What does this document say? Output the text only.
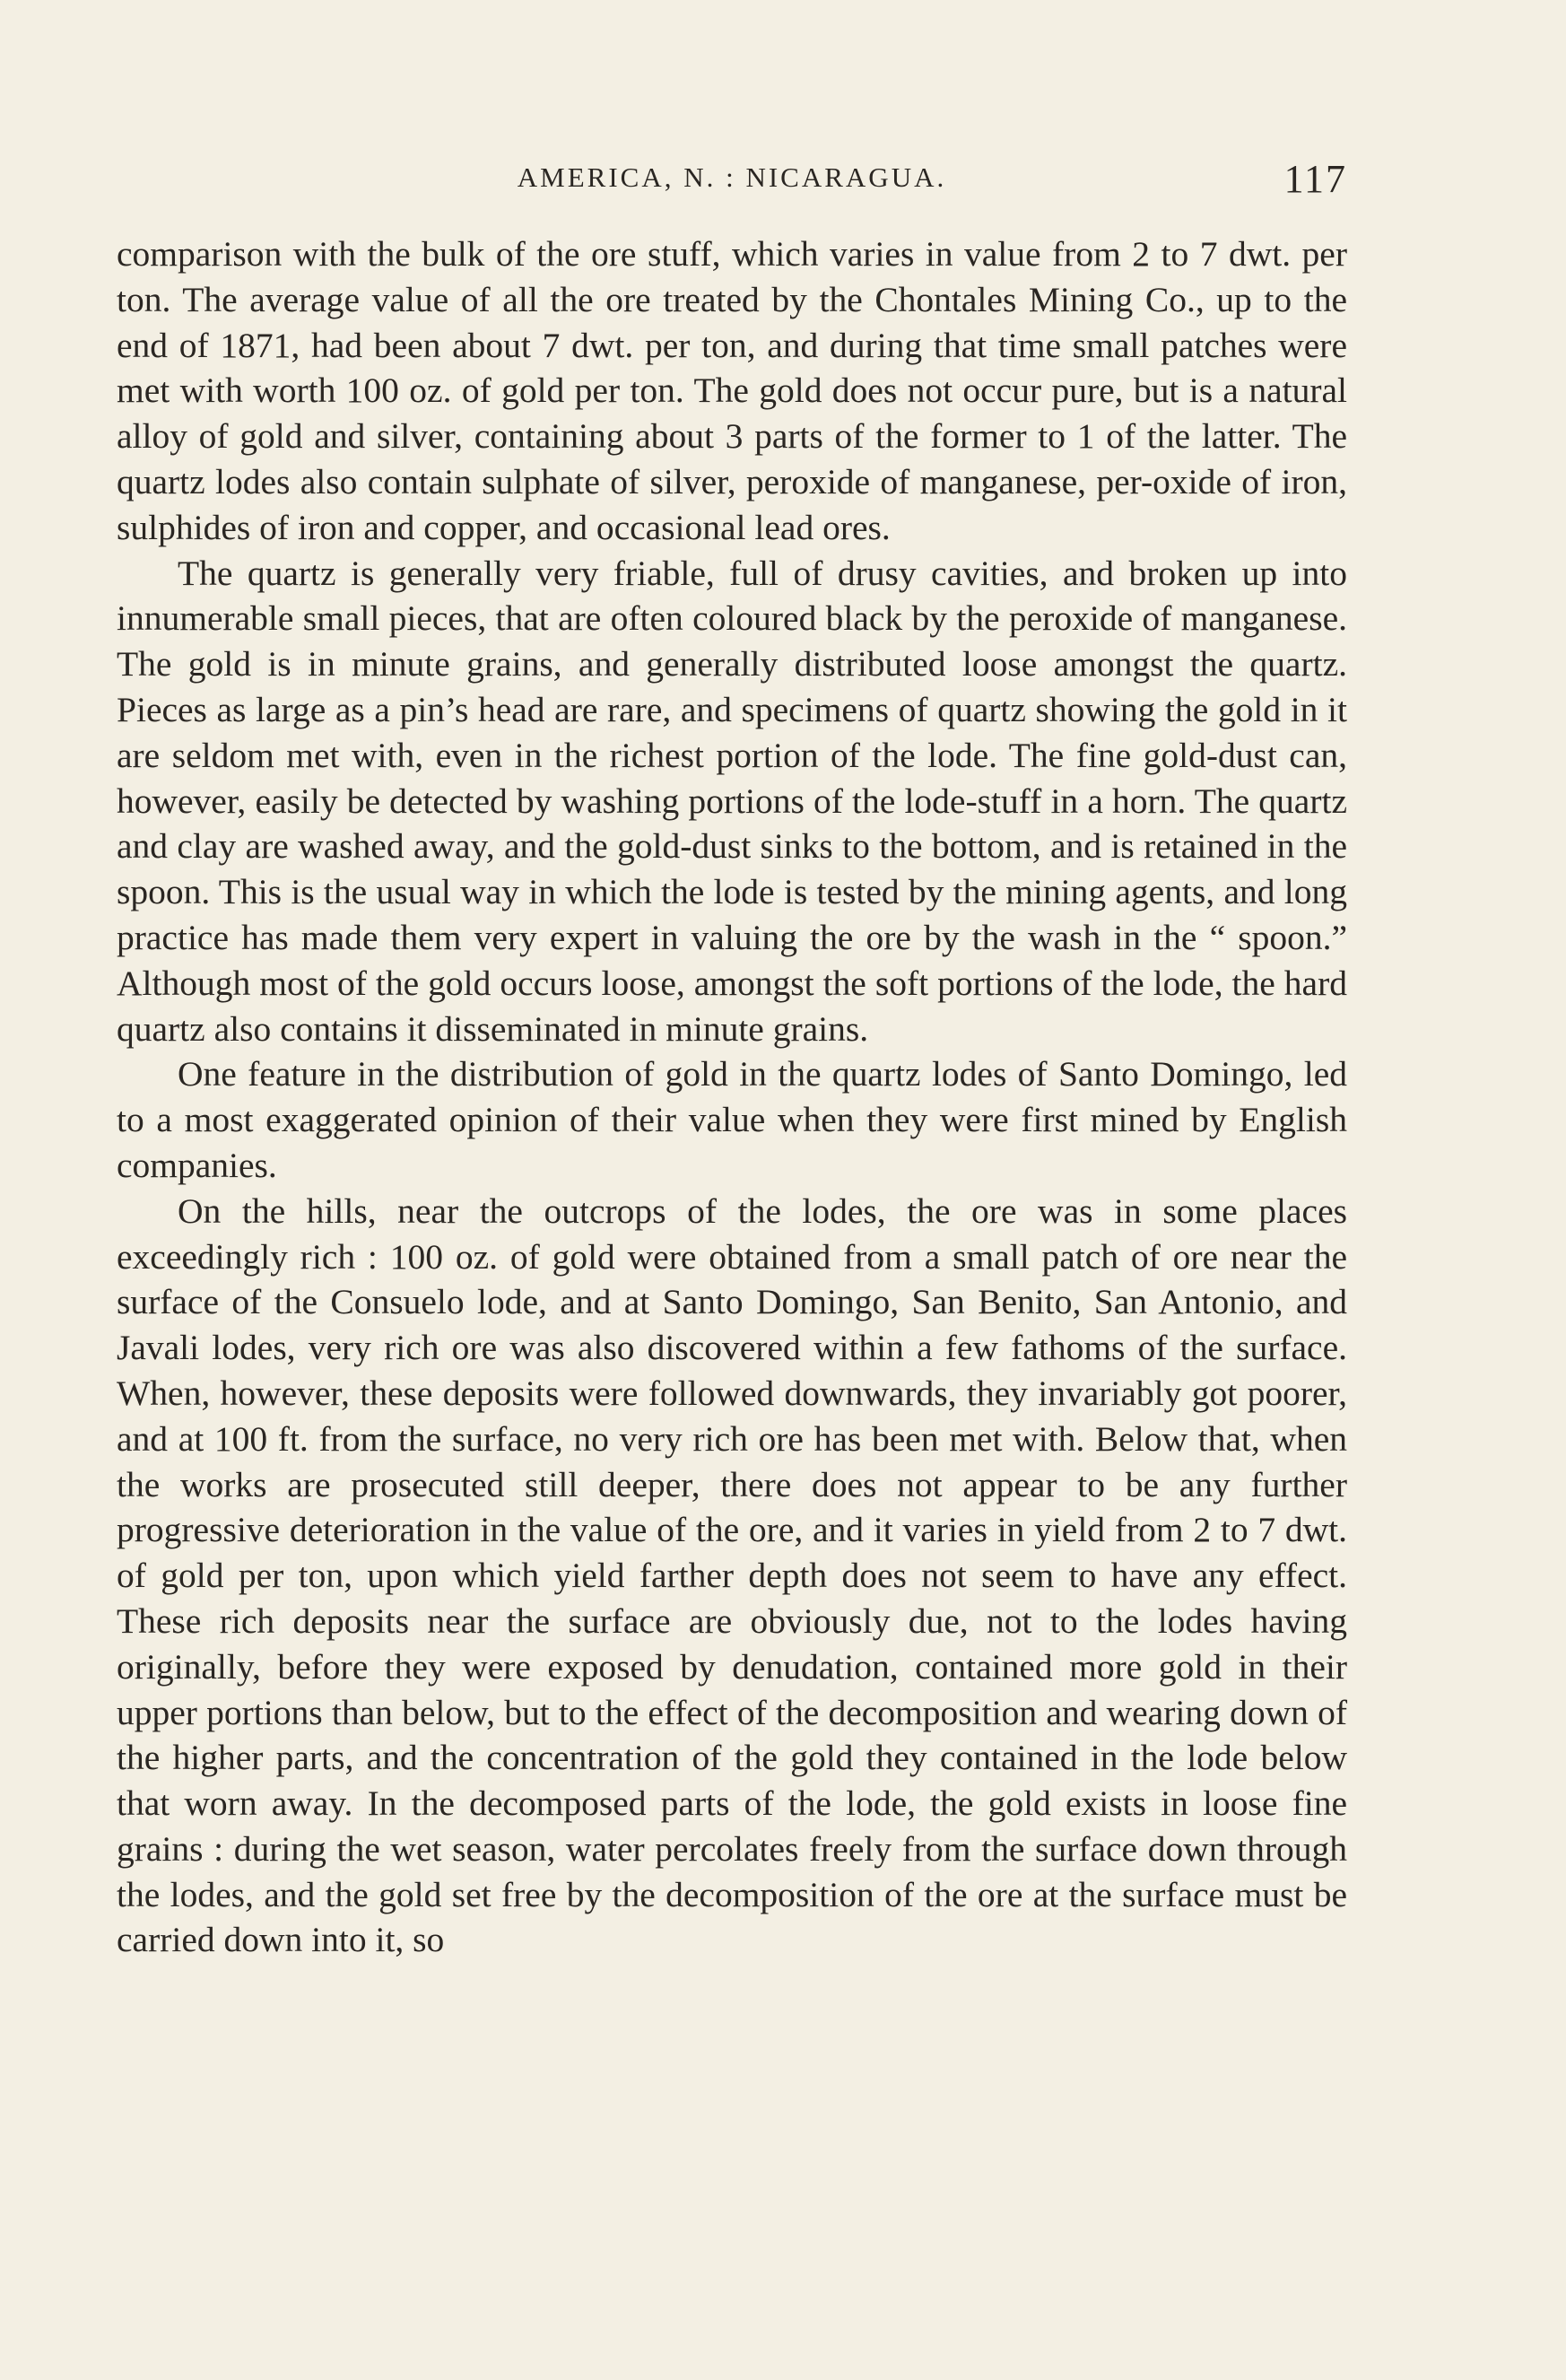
AMERICA, N. : NICARAGUA.	117

comparison with the bulk of the ore stuff, which varies in value from 2 to 7 dwt. per ton. The average value of all the ore treated by the Chontales Mining Co., up to the end of 1871, had been about 7 dwt. per ton, and during that time small patches were met with worth 100 oz. of gold per ton. The gold does not occur pure, but is a natural alloy of gold and silver, containing about 3 parts of the former to 1 of the latter. The quartz lodes also contain sulphate of silver, peroxide of manganese, per-oxide of iron, sulphides of iron and copper, and occasional lead ores.

The quartz is generally very friable, full of drusy cavities, and broken up into innumerable small pieces, that are often coloured black by the peroxide of manganese. The gold is in minute grains, and generally distributed loose amongst the quartz. Pieces as large as a pin’s head are rare, and specimens of quartz showing the gold in it are seldom met with, even in the richest portion of the lode. The fine gold-dust can, however, easily be detected by washing portions of the lode-stuff in a horn. The quartz and clay are washed away, and the gold-dust sinks to the bottom, and is retained in the spoon. This is the usual way in which the lode is tested by the mining agents, and long practice has made them very expert in valuing the ore by the wash in the “ spoon.” Although most of the gold occurs loose, amongst the soft portions of the lode, the hard quartz also contains it disseminated in minute grains.

One feature in the distribution of gold in the quartz lodes of Santo Domingo, led to a most exaggerated opinion of their value when they were first mined by English companies.

On the hills, near the outcrops of the lodes, the ore was in some places exceedingly rich : 100 oz. of gold were obtained from a small patch of ore near the surface of the Consuelo lode, and at Santo Domingo, San Benito, San Antonio, and Javali lodes, very rich ore was also discovered within a few fathoms of the surface. When, however, these deposits were followed downwards, they invariably got poorer, and at 100 ft. from the surface, no very rich ore has been met with. Below that, when the works are prosecuted still deeper, there does not appear to be any further progressive deterioration in the value of the ore, and it varies in yield from 2 to 7 dwt. of gold per ton, upon which yield farther depth does not seem to have any effect. These rich deposits near the surface are obviously due, not to the lodes having originally, before they were exposed by denudation, contained more gold in their upper portions than below, but to the effect of the decomposition and wearing down of the higher parts, and the concentration of the gold they contained in the lode below that worn away. In the decomposed parts of the lode, the gold exists in loose fine grains : during the wet season, water percolates freely from the surface down through the lodes, and the gold set free by the decomposition of the ore at the surface must be carried down into it, so
